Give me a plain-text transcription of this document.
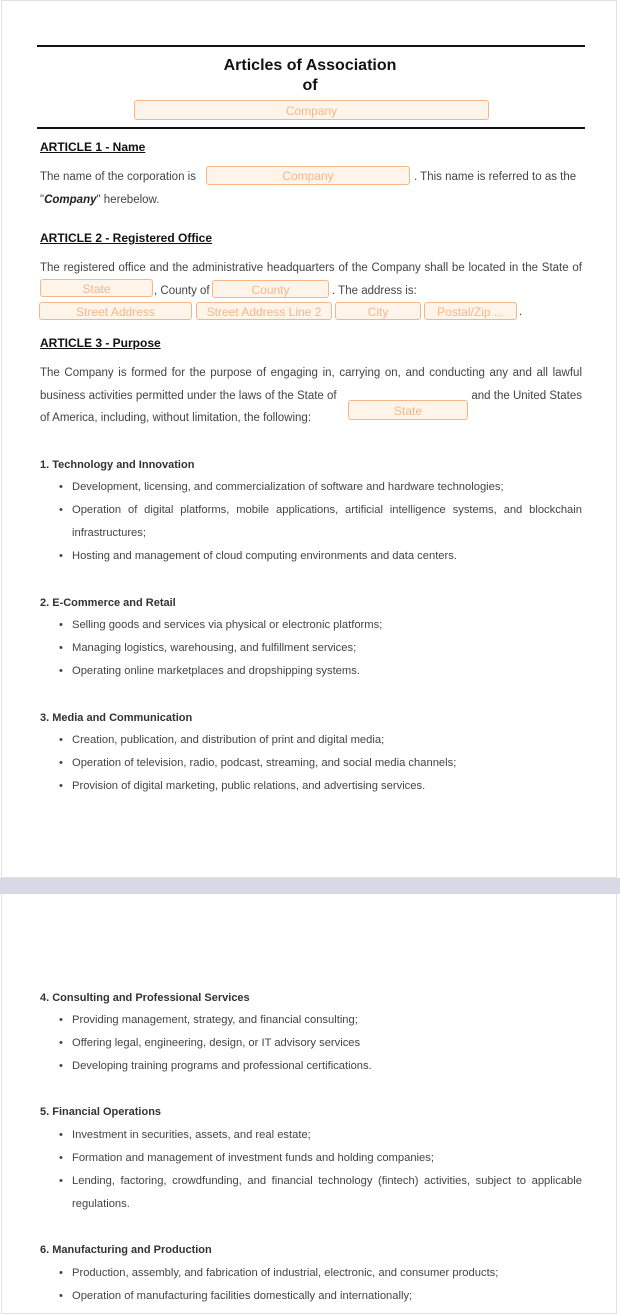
Articles of Association
of
Company
ARTICLE 1 - Name
The name of the corporation is	Company	. This name is referred to as the
"Company" herebelow.
ARTICLE 2 - Registered Office
The registered office and the administrative headquarters of the Company shall be located in the State of
State	, County of	County	. The address is:
Street Address	Street Address Line 2	City	Postal/Zip ...	.
ARTICLE 3 - Purpose
The Company is formed for the purpose of engaging in, carrying on, and conducting any and all lawful
business activities permitted under the laws of the State of
State
and the United States
of America, including, without limitation, the following:
1. Technology and Innovation
• Development, licensing, and commercialization of software and hardware technologies;
• Operation of digital platforms, mobile applications, artificial intelligence systems, and blockchain infrastructures;
• Hosting and management of cloud computing environments and data centers.
2. E-Commerce and Retail
• Selling goods and services via physical or electronic platforms;
• Managing logistics, warehousing, and fulfillment services;
• Operating online marketplaces and dropshipping systems.
3. Media and Communication
• Creation, publication, and distribution of print and digital media;
• Operation of television, radio, podcast, streaming, and social media channels;
• Provision of digital marketing, public relations, and advertising services.
4. Consulting and Professional Services
• Providing management, strategy, and financial consulting;
• Offering legal, engineering, design, or IT advisory services
• Developing training programs and professional certifications.
5. Financial Operations
• Investment in securities, assets, and real estate;
• Formation and management of investment funds and holding companies;
• Lending, factoring, crowdfunding, and financial technology (fintech) activities, subject to applicable regulations.
6. Manufacturing and Production
• Production, assembly, and fabrication of industrial, electronic, and consumer products;
• Operation of manufacturing facilities domestically and internationally;
